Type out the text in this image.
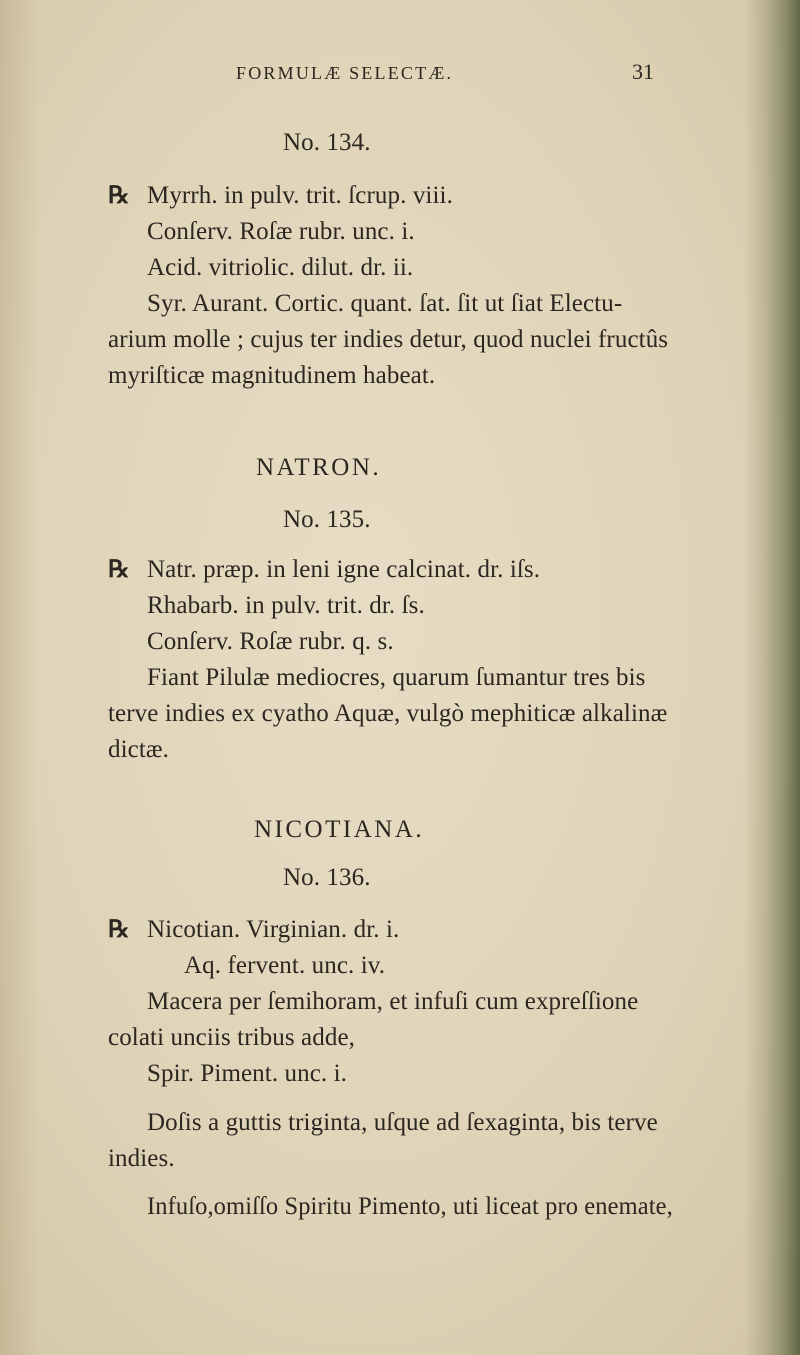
FORMULÆ SELECTÆ.	31
No. 134.
℞ Myrrh. in pulv. trit. ſcrup. viii.
Conſerv. Roſæ rubr. unc. i.
Acid. vitriolic. dilut. dr. ii.
Syr. Aurant. Cortic. quant. ſat. ſit ut ſiat Electu-
arium molle ; cujus ter indies detur, quod nuclei fructûs
myriſticæ magnitudinem habeat.
NATRON.
No. 135.
℞ Natr. præp. in leni igne calcinat. dr. iſs.
Rhabarb. in pulv. trit. dr. ſs.
Conſerv. Roſæ rubr. q. s.
Fiant Pilulæ mediocres, quarum ſumantur tres bis
terve indies ex cyatho Aquæ, vulgò mephiticæ alkalinæ
dictæ.
NICOTIANA.
No. 136.
℞ Nicotian. Virginian. dr. i.
Aq. fervent. unc. iv.
Macera per ſemihoram, et infuſi cum expreſſione
colati unciis tribus adde,
Spir. Piment. unc. i.
Doſis a guttis triginta, uſque ad ſexaginta, bis terve
indies.
Infuſo,omiſſo Spiritu Pimento, uti liceat pro enemate,
